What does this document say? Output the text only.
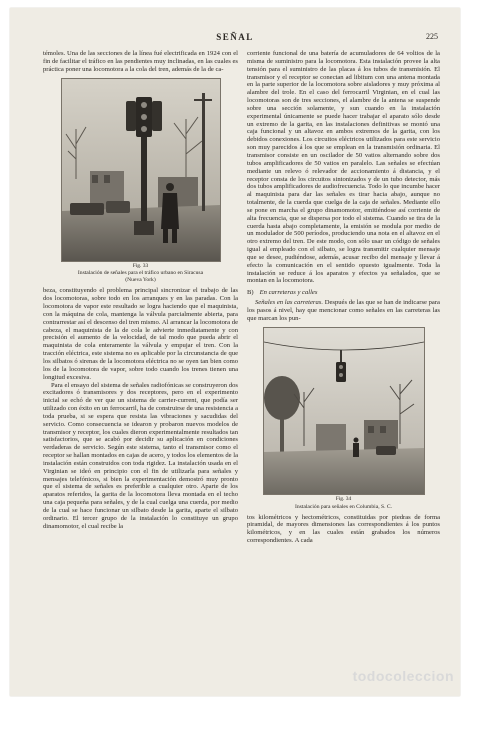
SEÑAL	225

témoles. Una de las secciones de la línea fué electrificada en 1924 con el fin de facilitar el tráfico en las pendientes muy inclinadas, en las cuales es práctica poner una locomotora a la cola del tren, además de la de ca-

Fig. 33
Instalación de señales para el tráfico urbano en Siracusa
(Nueva York)

beza, constituyendo el problema principal sincronizar el trabajo de las dos locomotoras, sobre todo en los arranques y en las paradas. Con la locomotora de vapor este resultado se logra haciendo que el maquinista, con la máquina de cola, mantenga la válvula parcialmente abierta, para contrarrestar así el descenso del tren mismo. Al arrancar la locomotora de cabeza, el maquinista de la de cola le advierte inmediatamente y con precisión el aumento de la velocidad, de tal modo que pueda abrir el maquinista de cola enteramente la válvula y empujar el tren. Con la tracción eléctrica, este sistema no es aplicable por la circunstancia de que los silbatos ó sirenas de la locomotora eléctrica no se oyen tan bien como los de la locomotora de vapor, sobre todo cuando los trenes tienen una longitud excesiva.

Para el ensayo del sistema de señales radiofónicas se construyeron dos excitadores ó transmisores y dos receptores, pero en el experimento inicial se echó de ver que un sistema de carrier-current, que podía ser utilizado con éxito en un ferrocarril, ha de construirse de una resistencia a toda prueba, si se espera que resista las vibraciones y sacudidas del servicio. Como consecuencia se idearon y probaron nuevos modelos de transmisor y receptor, los cuales dieron experimentalmente resultados tan satisfactorios, que se acabó por decidir su aplicación en condiciones verdaderas de servicio. Según este sistema, tanto el transmisor como el receptor se hallan montados en cajas de acero, y todos los elementos de la instalación están construidos con toda rigidez. La instalación usada en el Virginian se ideó en principio con el fin de utilizarla para señales y mensajes telefónicos, si bien la experimentación demostró muy pronto que el sistema de señales es preferible a cualquier otro. Aparte de los aparatos referidos, la garita de la locomotora lleva montada en el techo una caja pequeña para señales, y de la cual cuelga una cuerda, por medio de la cual se hace funcionar un silbato desde la garita, aparte el silbato ordinario. El tercer grupo de la instalación lo constituye un grupo dinamomotor, el cual recibe la

corriente funcional de una batería de acumuladores de 64 voltios de la misma de suministro para la locomotora. Esta instalación provee la alta tensión para el suministro de las placas á los tubos de transmisión. El transmisor y el receptor se conectan ad libitum con una antena montada en la parte superior de la locomotora sobre aisladores y muy próxima al alambre del trole. En el caso del ferrocarril Virginian, en el cual las locomotoras son de tres secciones, el alambre de la antena se suspende sobre una sección solamente, y sun cuando en la instalación experimental únicamente se puede hacer trabajar el aparato sólo desde un extremo de la garita, en las instalaciones definitivas se montó una caja funcional y un altavoz en ambos extremos de la garita, con los debidos conexiones. Los circuitos eléctricos utilizados para este servicio son muy parecidos á los que se emplean en la transmisión ordinaria. El transmisor consiste en un oscilador de 50 vatios alternando sobre dos tubos amplificadores de 50 vatios en paralelo. Las señales se efectúan mediante un relevo ó relevador de accionamiento á distancia, y el receptor consta de los circuitos sintonizados y de un tubo detector, más dos tubos amplificadores de audiofrecuencia. Todo lo que incumbe hacer al maquinista para dar las señales es tirar hacia abajo, aunque no totalmente, de la cuerda que cuelga de la caja de señales. Mediante ello se pone en marcha el grupo dinamomotor, emitiéndose así corriente de alta frecuencia, que se dispersa por todo el sistema. Cuando se tira de la cuerda hasta abajo completamente, la emisión se modula por medio de un modulador de 500 períodos, produciendo una nota en el altavoz en el otro extremo del tren. De este modo, con sólo usar un código de señales igual al empleado con el silbato, se logra transmitir cualquier mensaje que se desee, pudiéndose, además, acusar recibo del mensaje y llevar á efecto la comunicación en el sentido opuesto igualmente. Toda la instalación se reduce á los aparatos y efectos ya señalados, que se montan en la locomotora.

B) En carreteras y calles

Señales en las carreteras. Después de las que se han de indicarse para los pasos á nivel, hay que mencionar como señales en las carreteras las que marcan los pun-

Fig. 34
Instalación para señales en Columbia, S. C.

tos kilométricos y hectométricos, constituidas por piedras de forma piramidal, de mayores dimensiones las correspondientes á los puntos kilométricos, y en las cuales están grabados los números correspondientes. A cada

todocoleccion
